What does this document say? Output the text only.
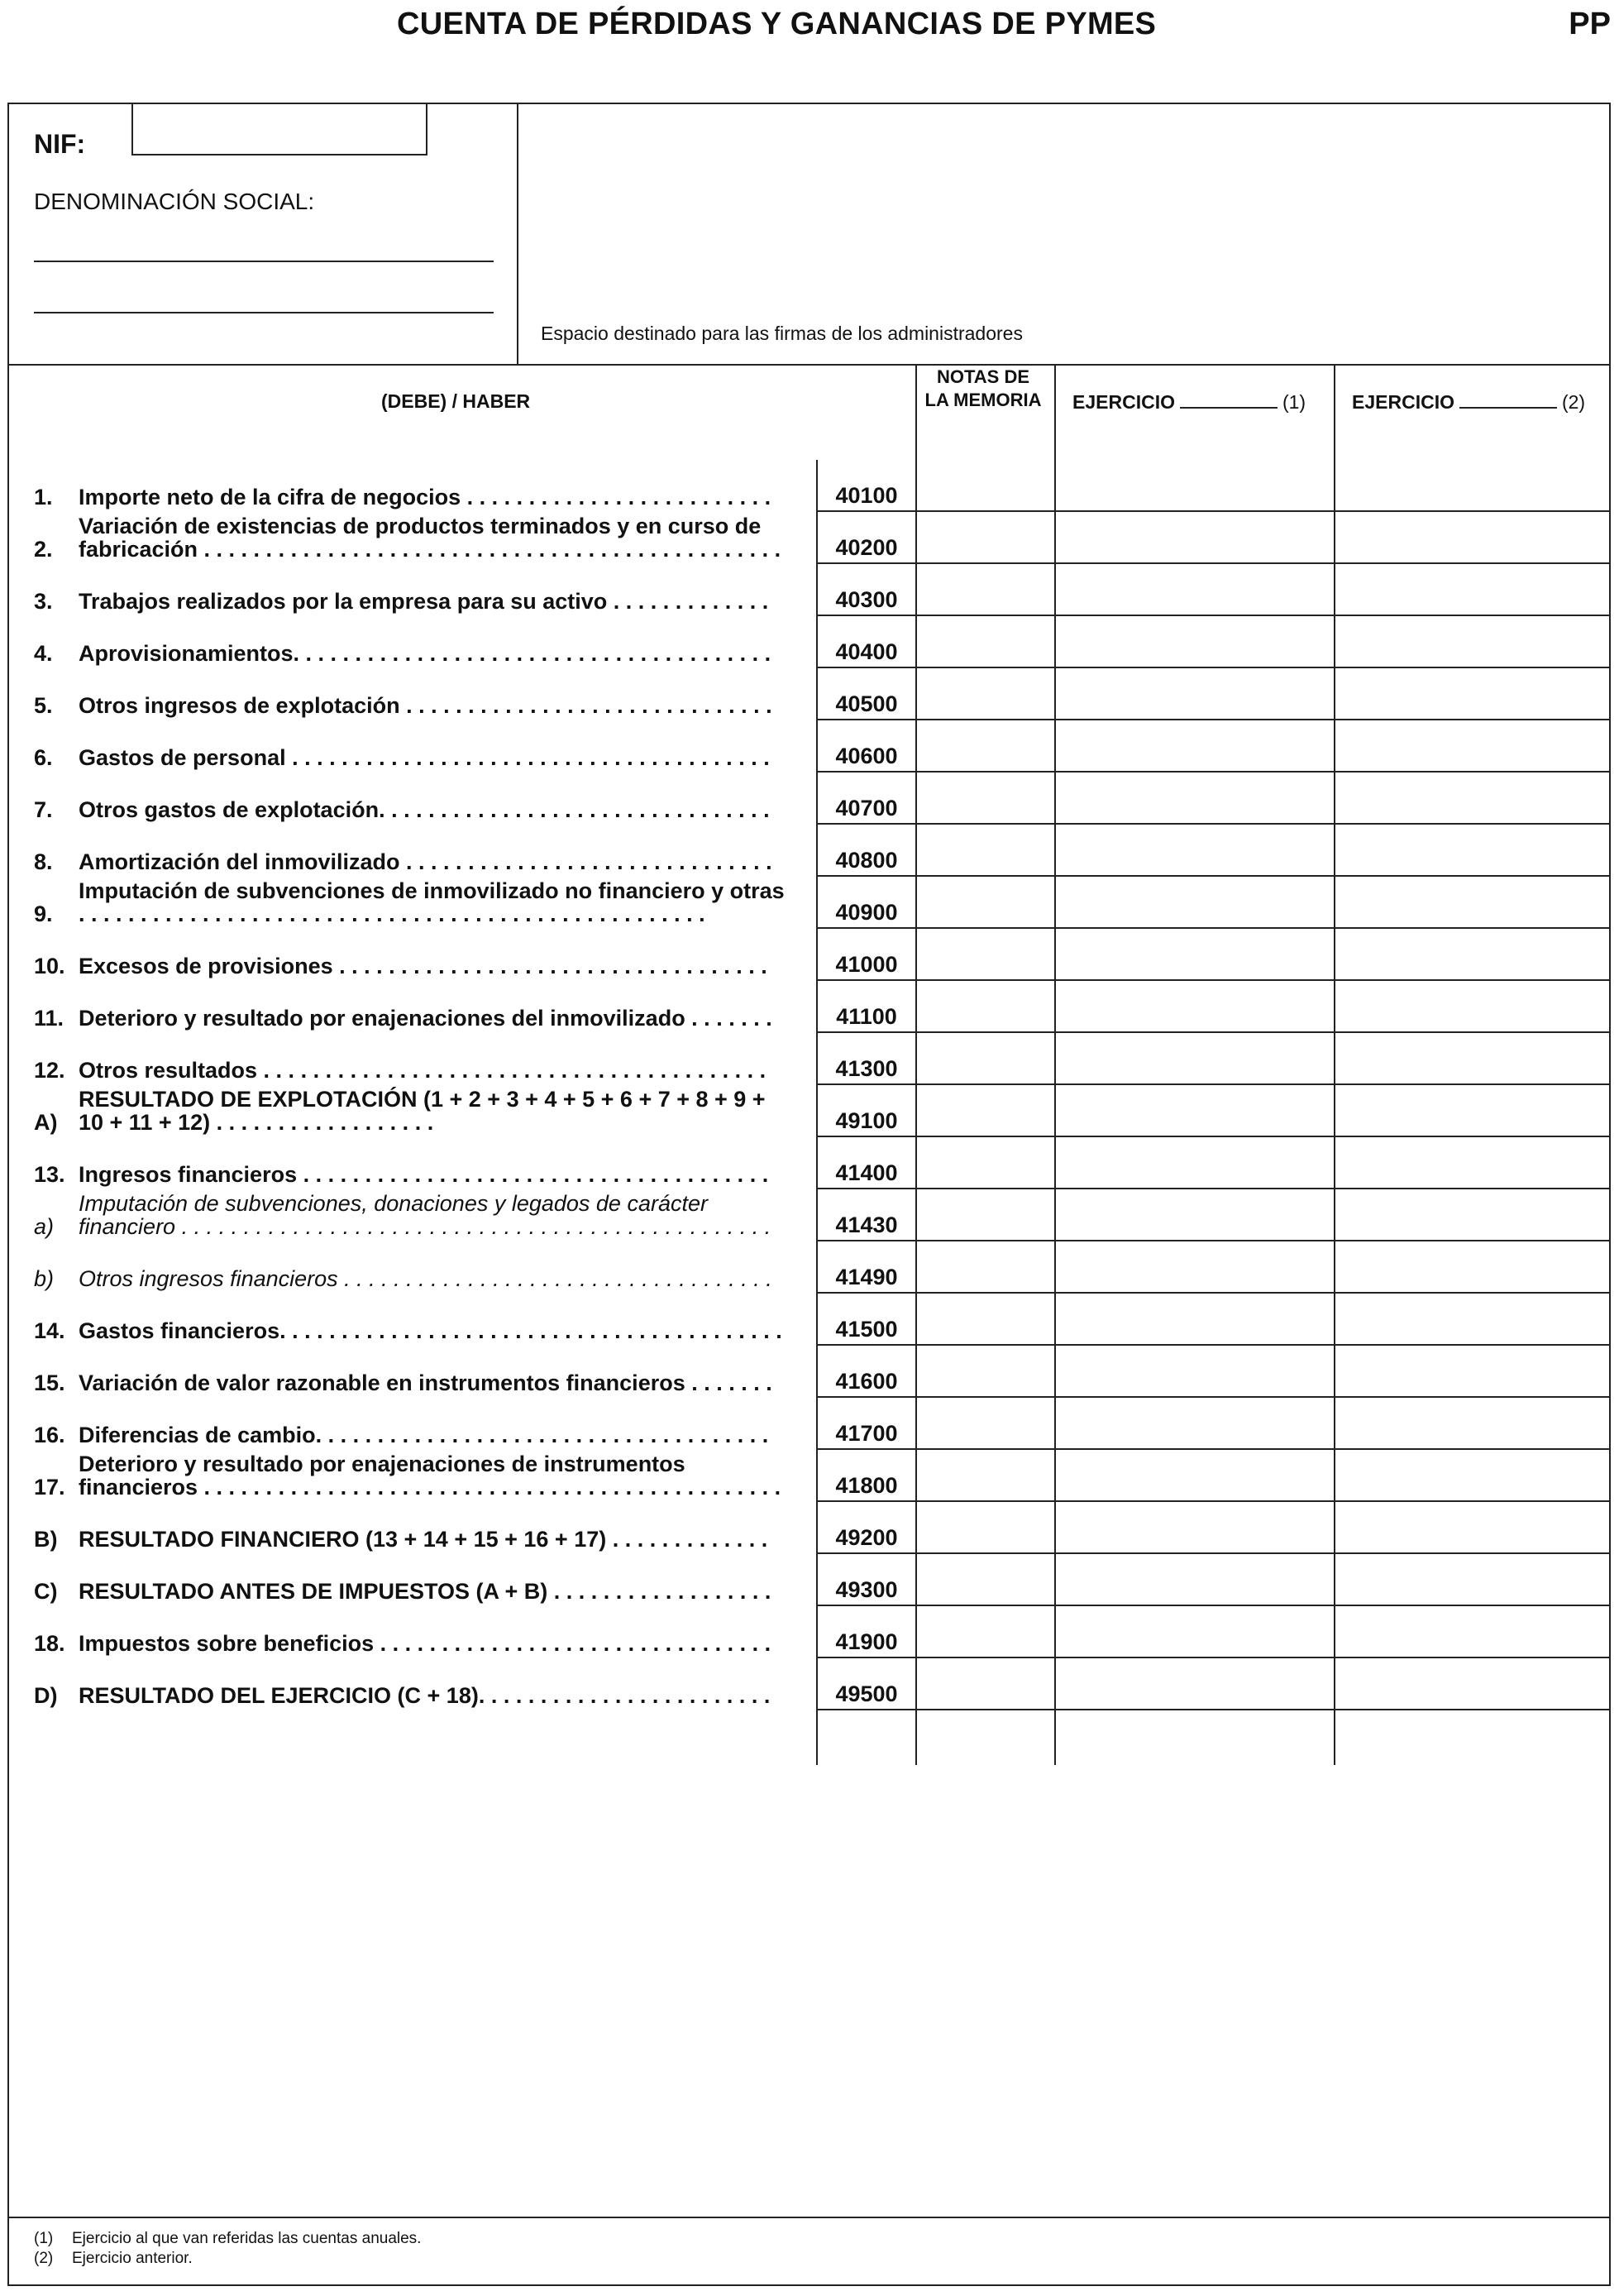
CUENTA DE PÉRDIDAS Y GANANCIAS DE PYMES	PP
NIF:
DENOMINACIÓN SOCIAL:
Espacio destinado para las firmas de los administradores
(DEBE) / HABER
NOTAS DE
LA MEMORIA	EJERCICIO	(1) EJERCICIO	(2)
1. Importe neto de la cifra de negocios . . . . . . . . . . . . . . . . . . . . . . . . .	40100
2.
Variación de existencias de productos terminados y en curso de fabricación . . . . . . . . . . . . . . . . . . . . . . . . . . . . . . . . . . . . . . . . . . . . . . .	40200
3. Trabajos realizados por la empresa para su activo . . . . . . . . . . . . .	40300
4. Aprovisionamientos. . . . . . . . . . . . . . . . . . . . . . . . . . . . . . . . . . . . . . .	40400
5. Otros ingresos de explotación . . . . . . . . . . . . . . . . . . . . . . . . . . . . . .	40500
6. Gastos de personal . . . . . . . . . . . . . . . . . . . . . . . . . . . . . . . . . . . . . . .	40600
7. Otros gastos de explotación. . . . . . . . . . . . . . . . . . . . . . . . . . . . . . . .	40700
8. Amortización del inmovilizado . . . . . . . . . . . . . . . . . . . . . . . . . . . . . .	40800
9.
Imputación de subvenciones de inmovilizado no financiero y otras . . . . . . . . . . . . . . . . . . . . . . . . . . . . . . . . . . . . . . . . . . . . . . . . . . .	40900
10. Excesos de provisiones . . . . . . . . . . . . . . . . . . . . . . . . . . . . . . . . . . .	41000
11. Deterioro y resultado por enajenaciones del inmovilizado . . . . . . .	41100
12. Otros resultados . . . . . . . . . . . . . . . . . . . . . . . . . . . . . . . . . . . . . . . . .	41300
A)
RESULTADO DE EXPLOTACIÓN (1 + 2 + 3 + 4 + 5 + 6 + 7 + 8 + 9 + 10 + 11 + 12) . . . . . . . . . . . . . . . . . .	49100
13. Ingresos financieros . . . . . . . . . . . . . . . . . . . . . . . . . . . . . . . . . . . . . .	41400
a)
Imputación de subvenciones, donaciones y legados de carácter financiero . . . . . . . . . . . . . . . . . . . . . . . . . . . . . . . . . . . . . . . . . . . . . . . .	41430
b) Otros ingresos financieros . . . . . . . . . . . . . . . . . . . . . . . . . . . . . . . . . . .	41490
14. Gastos financieros. . . . . . . . . . . . . . . . . . . . . . . . . . . . . . . . . . . . . . . . .	41500
15. Variación de valor razonable en instrumentos financieros . . . . . . .	41600
16. Diferencias de cambio. . . . . . . . . . . . . . . . . . . . . . . . . . . . . . . . . . . . .	41700
17.
Deterioro y resultado por enajenaciones de instrumentos financieros . . . . . . . . . . . . . . . . . . . . . . . . . . . . . . . . . . . . . . . . . . . . . . .	41800
B) RESULTADO FINANCIERO (13 + 14 + 15 + 16 + 17) . . . . . . . . . . . . .	49200
C) RESULTADO ANTES DE IMPUESTOS (A + B) . . . . . . . . . . . . . . . . . .	49300
18. Impuestos sobre beneficios . . . . . . . . . . . . . . . . . . . . . . . . . . . . . . . .	41900
D) RESULTADO DEL EJERCICIO (C + 18). . . . . . . . . . . . . . . . . . . . . . . .	49500
(1) Ejercicio al que van referidas las cuentas anuales.
(2) Ejercicio anterior.
